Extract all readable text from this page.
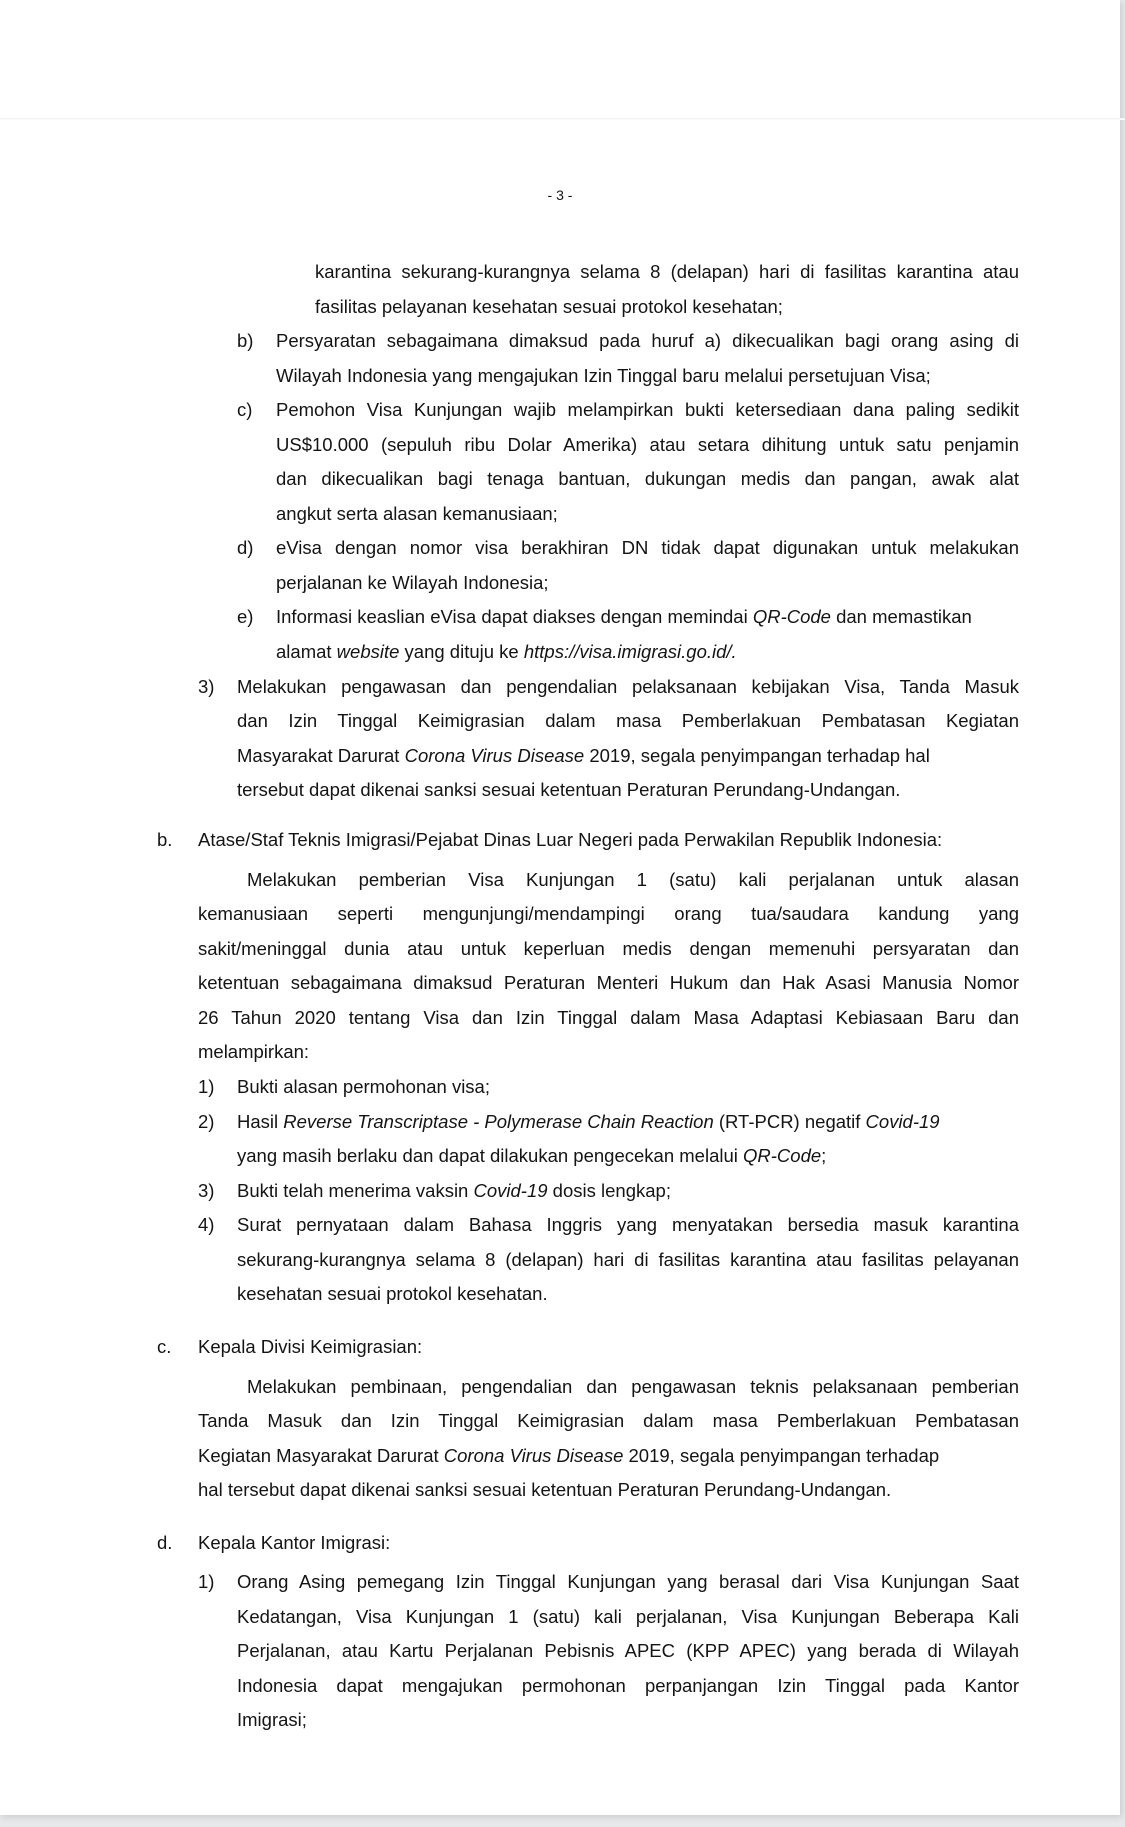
- 3 -
karantina sekurang-kurangnya selama 8 (delapan) hari di fasilitas karantina atau
fasilitas pelayanan kesehatan sesuai protokol kesehatan;
b) Persyaratan sebagaimana dimaksud pada huruf a) dikecualikan bagi orang asing di
Wilayah Indonesia yang mengajukan Izin Tinggal baru melalui persetujuan Visa;
c) Pemohon Visa Kunjungan wajib melampirkan bukti ketersediaan dana paling sedikit
US$10.000 (sepuluh ribu Dolar Amerika) atau setara dihitung untuk satu penjamin
dan dikecualikan bagi tenaga bantuan, dukungan medis dan pangan, awak alat
angkut serta alasan kemanusiaan;
d) eVisa dengan nomor visa berakhiran DN tidak dapat digunakan untuk melakukan
perjalanan ke Wilayah Indonesia;
e) Informasi keaslian eVisa dapat diakses dengan memindai QR-Code dan memastikan
alamat website yang dituju ke https://visa.imigrasi.go.id/.
3) Melakukan pengawasan dan pengendalian pelaksanaan kebijakan Visa, Tanda Masuk
dan Izin Tinggal Keimigrasian dalam masa Pemberlakuan Pembatasan Kegiatan
Masyarakat Darurat Corona Virus Disease 2019, segala penyimpangan terhadap hal
tersebut dapat dikenai sanksi sesuai ketentuan Peraturan Perundang-Undangan.
b. Atase/Staf Teknis Imigrasi/Pejabat Dinas Luar Negeri pada Perwakilan Republik Indonesia:
Melakukan pemberian Visa Kunjungan 1 (satu) kali perjalanan untuk alasan
kemanusiaan seperti mengunjungi/mendampingi orang tua/saudara kandung yang
sakit/meninggal dunia atau untuk keperluan medis dengan memenuhi persyaratan dan
ketentuan sebagaimana dimaksud Peraturan Menteri Hukum dan Hak Asasi Manusia Nomor
26 Tahun 2020 tentang Visa dan Izin Tinggal dalam Masa Adaptasi Kebiasaan Baru dan
melampirkan:
1) Bukti alasan permohonan visa;
2) Hasil Reverse Transcriptase - Polymerase Chain Reaction (RT-PCR) negatif Covid-19
yang masih berlaku dan dapat dilakukan pengecekan melalui QR-Code;
3) Bukti telah menerima vaksin Covid-19 dosis lengkap;
4) Surat pernyataan dalam Bahasa Inggris yang menyatakan bersedia masuk karantina
sekurang-kurangnya selama 8 (delapan) hari di fasilitas karantina atau fasilitas pelayanan
kesehatan sesuai protokol kesehatan.
c. Kepala Divisi Keimigrasian:
Melakukan pembinaan, pengendalian dan pengawasan teknis pelaksanaan pemberian
Tanda Masuk dan Izin Tinggal Keimigrasian dalam masa Pemberlakuan Pembatasan
Kegiatan Masyarakat Darurat Corona Virus Disease 2019, segala penyimpangan terhadap
hal tersebut dapat dikenai sanksi sesuai ketentuan Peraturan Perundang-Undangan.
d. Kepala Kantor Imigrasi:
1) Orang Asing pemegang Izin Tinggal Kunjungan yang berasal dari Visa Kunjungan Saat
Kedatangan, Visa Kunjungan 1 (satu) kali perjalanan, Visa Kunjungan Beberapa Kali
Perjalanan, atau Kartu Perjalanan Pebisnis APEC (KPP APEC) yang berada di Wilayah
Indonesia dapat mengajukan permohonan perpanjangan Izin Tinggal pada Kantor
Imigrasi;
